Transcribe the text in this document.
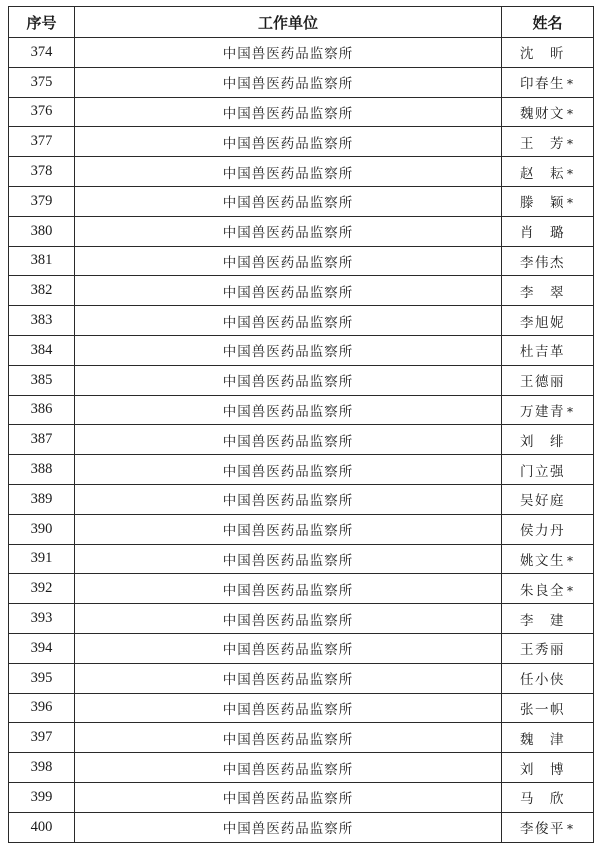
序号	工作单位	姓名
374	中国兽医药品监察所	沈　昕
375	中国兽医药品监察所	印春生 *
376	中国兽医药品监察所	魏财文 *
377	中国兽医药品监察所	王　芳 *
378	中国兽医药品监察所	赵　耘 *
379	中国兽医药品监察所	滕　颖 *
380	中国兽医药品监察所	肖　璐
381	中国兽医药品监察所	李伟杰
382	中国兽医药品监察所	李　翠
383	中国兽医药品监察所	李旭妮
384	中国兽医药品监察所	杜吉革
385	中国兽医药品监察所	王德丽
386	中国兽医药品监察所	万建青 *
387	中国兽医药品监察所	刘　绯
388	中国兽医药品监察所	门立强
389	中国兽医药品监察所	吴好庭
390	中国兽医药品监察所	侯力丹
391	中国兽医药品监察所	姚文生 *
392	中国兽医药品监察所	朱良全 *
393	中国兽医药品监察所	李　建
394	中国兽医药品监察所	王秀丽
395	中国兽医药品监察所	任小侠
396	中国兽医药品监察所	张一帜
397	中国兽医药品监察所	魏　津
398	中国兽医药品监察所	刘　博
399	中国兽医药品监察所	马　欣
400	中国兽医药品监察所	李俊平 *
